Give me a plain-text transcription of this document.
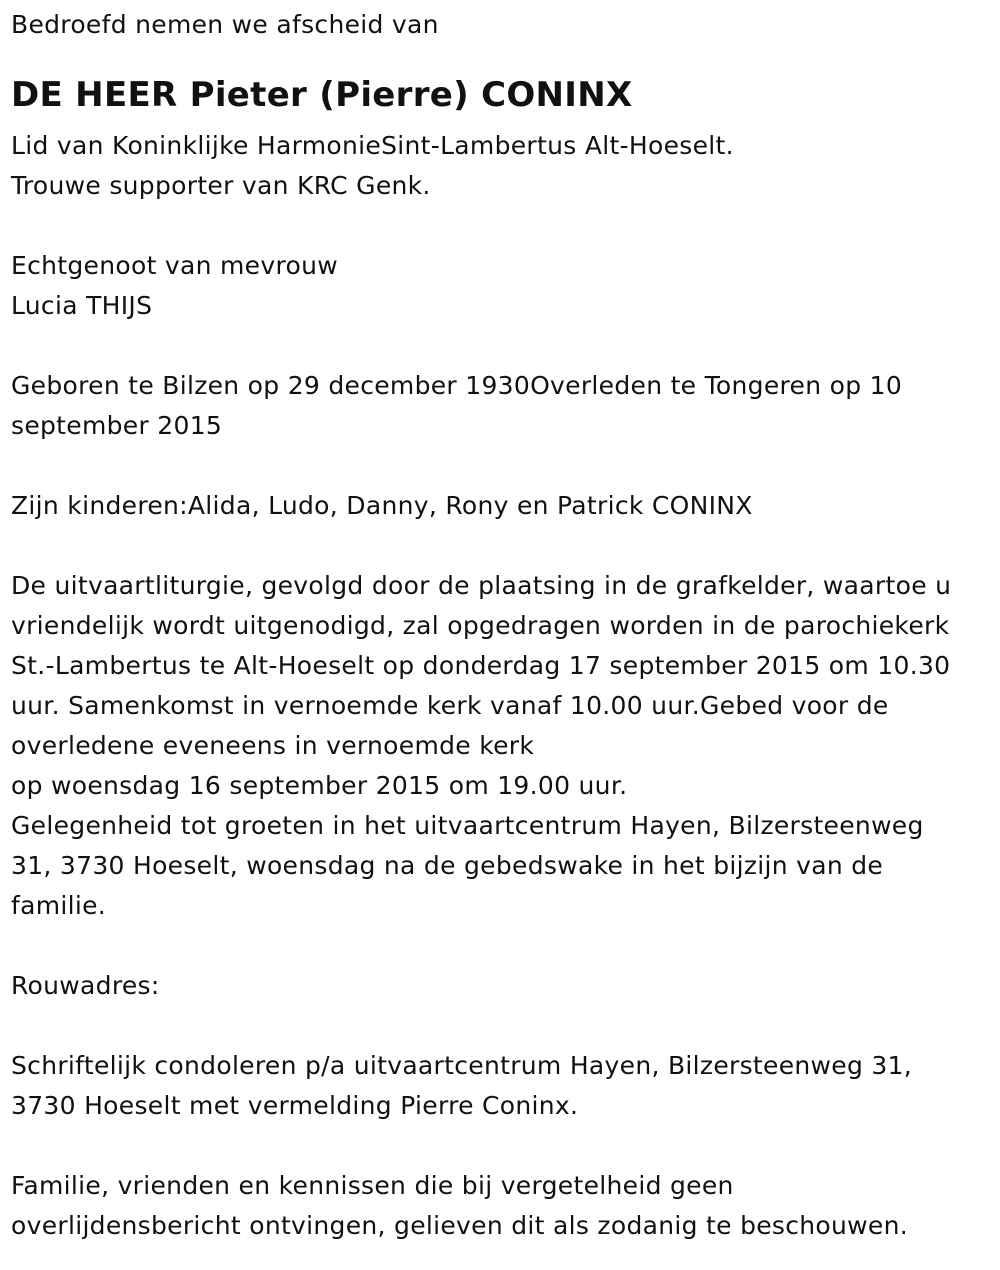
Bedroefd nemen we afscheid van
DE HEER Pieter (Pierre) CONINX
Lid van Koninklijke HarmonieSint-Lambertus Alt-Hoeselt.
Trouwe supporter van KRC Genk.
Echtgenoot van mevrouw
Lucia THIJS
Geboren te Bilzen op 29 december 1930Overleden te Tongeren op 10
september 2015
Zijn kinderen:Alida, Ludo, Danny, Rony en Patrick CONINX
De uitvaartliturgie, gevolgd door de plaatsing in de grafkelder, waartoe u
vriendelijk wordt uitgenodigd, zal opgedragen worden in de parochiekerk
St.-Lambertus te Alt-Hoeselt op donderdag 17 september 2015 om 10.30
uur. Samenkomst in vernoemde kerk vanaf 10.00 uur.Gebed voor de
overledene eveneens in vernoemde kerk
op woensdag 16 september 2015 om 19.00 uur.
Gelegenheid tot groeten in het uitvaartcentrum Hayen, Bilzersteenweg
31, 3730 Hoeselt, woensdag na de gebedswake in het bijzijn van de
familie.
Rouwadres:
Schriftelijk condoleren p/a uitvaartcentrum Hayen, Bilzersteenweg 31,
3730 Hoeselt met vermelding Pierre Coninx.
Familie, vrienden en kennissen die bij vergetelheid geen
overlijdensbericht ontvingen, gelieven dit als zodanig te beschouwen.
